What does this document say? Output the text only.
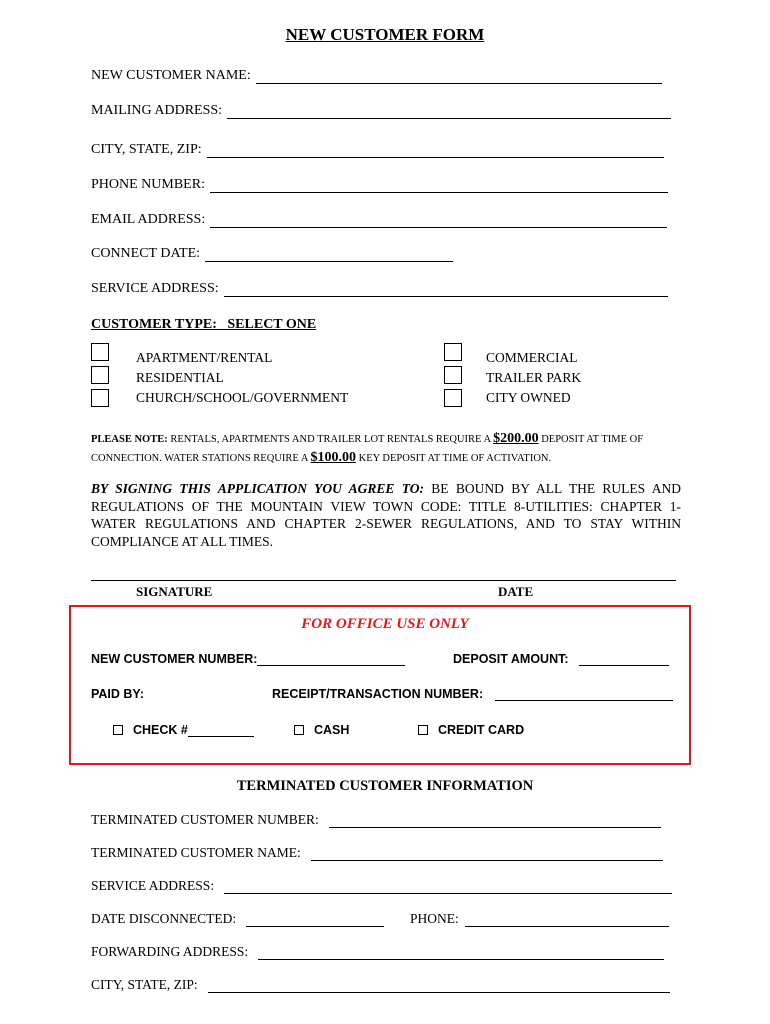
NEW CUSTOMER FORM
NEW CUSTOMER NAME:
MAILING ADDRESS:
CITY, STATE, ZIP:
PHONE NUMBER:
EMAIL ADDRESS:
CONNECT DATE:
SERVICE ADDRESS:
CUSTOMER TYPE:   SELECT ONE
APARTMENT/RENTAL
RESIDENTIAL
CHURCH/SCHOOL/GOVERNMENT
COMMERCIAL
TRAILER PARK
CITY OWNED
PLEASE NOTE: RENTALS, APARTMENTS AND TRAILER LOT RENTALS REQUIRE A $200.00 DEPOSIT AT TIME OF CONNECTION. WATER STATIONS REQUIRE A $100.00 KEY DEPOSIT AT TIME OF ACTIVATION.
BY SIGNING THIS APPLICATION YOU AGREE TO: BE BOUND BY ALL THE RULES AND REGULATIONS OF THE MOUNTAIN VIEW TOWN CODE: TITLE 8-UTILITIES: CHAPTER 1- WATER REGULATIONS AND CHAPTER 2-SEWER REGULATIONS, AND TO STAY WITHIN COMPLIANCE AT ALL TIMES.
SIGNATURE	DATE
FOR OFFICE USE ONLY
NEW CUSTOMER NUMBER:	DEPOSIT AMOUNT:
PAID BY:	RECEIPT/TRANSACTION NUMBER:
CHECK #	CASH	CREDIT CARD
TERMINATED CUSTOMER INFORMATION
TERMINATED CUSTOMER NUMBER:
TERMINATED CUSTOMER NAME:
SERVICE ADDRESS:
DATE DISCONNECTED:	PHONE:
FORWARDING ADDRESS:
CITY, STATE, ZIP:
